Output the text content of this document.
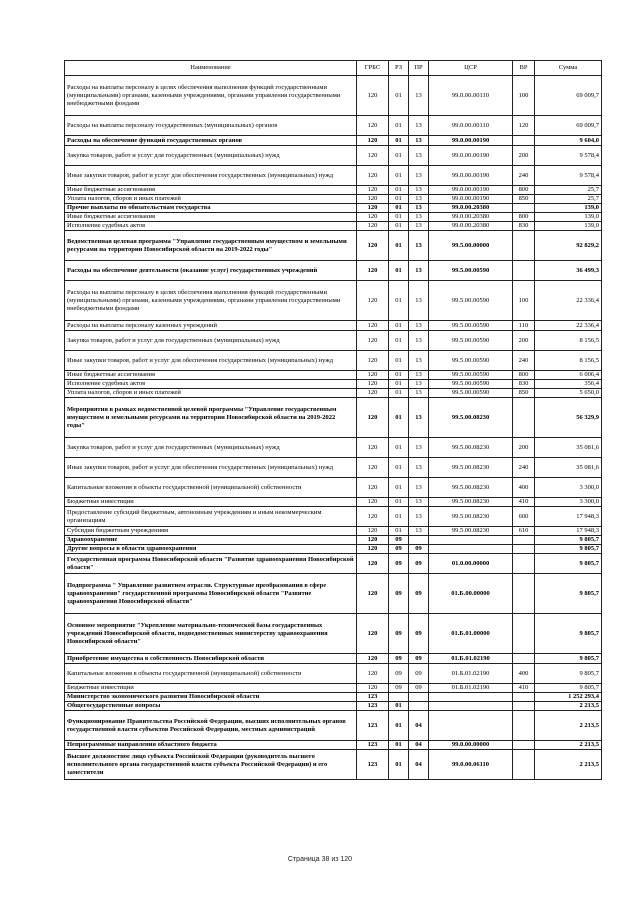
Наименование	ГРБС	РЗ	ПР	ЦСР	ВР	Сумма
Расходы на выплаты персоналу в целях обеспечения выполнения функций государственными (муниципальными) органами, казенными учреждениями, органами управления государственными внебюджетными фондами	120	01	13	99.0.00.00110	100	69 009,7
Расходы на выплаты персоналу государственных (муниципальных) органов	120	01	13	99.0.00.00110	120	69 009,7
Расходы на обеспечение функций государственных органов	120	01	13	99.0.00.00190		9 604,0
Закупка товаров, работ и услуг для государственных (муниципальных) нужд	120	01	13	99.0.00.00190	200	9 578,4
Иные закупки товаров, работ и услуг для обеспечения государственных (муниципальных) нужд	120	01	13	99.0.00.00190	240	9 578,4
Иные бюджетные ассигнования	120	01	13	99.0.00.00190	800	25,7
Уплата налогов, сборов и иных платежей	120	01	13	99.0.00.00190	850	25,7
Прочие выплаты по обязательствам государства	120	01	13	99.0.00.20380		139,0
Иные бюджетные ассигнования	120	01	13	99.0.00.20380	800	139,0
Исполнение судебных актов	120	01	13	99.0.00.20380	830	139,0
Ведомственная целевая программа "Управление государственным имуществом и земельными ресурсами на территории Новосибирской области на 2019-2022 годы"	120	01	13	99.5.00.00000		92 829,2
Расходы на обеспечение деятельности (оказание услуг) государственных учреждений	120	01	13	99.5.00.00590		36 499,3
Расходы на выплаты персоналу в целях обеспечения выполнения функций государственными (муниципальными) органами, казенными учреждениями, органами управления государственными внебюджетными фондами	120	01	13	99.5.00.00590	100	22 336,4
Расходы на выплаты персоналу казенных учреждений	120	01	13	99.5.00.00590	110	22 336,4
Закупка товаров, работ и услуг для государственных (муниципальных) нужд	120	01	13	99.5.00.00590	200	8 156,5
Иные закупки товаров, работ и услуг для обеспечения государственных (муниципальных) нужд	120	01	13	99.5.00.00590	240	8 156,5
Иные бюджетные ассигнования	120	01	13	99.5.00.00590	800	6 006,4
Исполнение судебных актов	120	01	13	99.5.00.00590	830	356,4
Уплата налогов, сборов и иных платежей	120	01	13	99.5.00.00590	850	5 650,0
Мероприятия в рамках ведомственной целевой программы "Управление государственным имуществом и земельными ресурсами на территории Новосибирской области на 2019-2022 годы"	120	01	13	99.5.00.08230		56 329,9
Закупка товаров, работ и услуг для государственных (муниципальных) нужд	120	01	13	99.5.00.08230	200	35 081,6
Иные закупки товаров, работ и услуг для обеспечения государственных (муниципальных) нужд	120	01	13	99.5.00.08230	240	35 081,6
Капитальные вложения в объекты государственной (муниципальной) собственности	120	01	13	99.5.00.08230	400	3 300,0
Бюджетные инвестиции	120	01	13	99.5.00.08230	410	3 300,0
Предоставление субсидий бюджетным, автономным учреждениям и иным некоммерческим организациям	120	01	13	99.5.00.08230	600	17 948,3
Субсидии бюджетным учреждениям	120	01	13	99.5.00.08230	610	17 948,3
Здравоохранение	120	09				9 805,7
Другие вопросы в области здравоохранения	120	09	09			9 805,7
Государственная программа Новосибирской области "Развитие здравоохранения Новосибирской области"	120	09	09	01.0.00.00000		9 805,7
Подпрограмма " Управление развитием отрасли. Структурные преобразования в сфере здравоохранения" государственной программы Новосибирской области "Развитие здравоохранения Новосибирской области"	120	09	09	01.Б.00.00000		9 805,7
Основное мероприятие "Укрепление материально-технической базы государственных учреждений Новосибирской области, подведомственных министерству здравоохранения Новосибирской области"	120	09	09	01.Б.01.00000		9 805,7
Приобретение имущества в собственность Новосибирской области	120	09	09	01.Б.01.02190		9 805,7
Капитальные вложения в объекты государственной (муниципальной) собственности	120	09	09	01.Б.01.02190	400	9 805,7
Бюджетные инвестиции	120	09	09	01.Б.01.02190	410	9 805,7
Министерство экономического развития Новосибирской области	123					1 252 293,4
Общегосударственные вопросы	123	01				2 213,5
Функционирование Правительства Российской Федерации, высших исполнительных органов государственной власти субъектов Российской Федерации, местных администраций	123	01	04			2 213,5
Непрограммные направления областного бюджета	123	01	04	99.0.00.00000		2 213,5
Высшее должностное лицо субъекта Российской Федерации (руководитель высшего исполнительного органа государственной власти субъекта Российской Федерации) и его заместители	123	01	04	99.0.00.06110		2 213,5
Страница 38 из 120
